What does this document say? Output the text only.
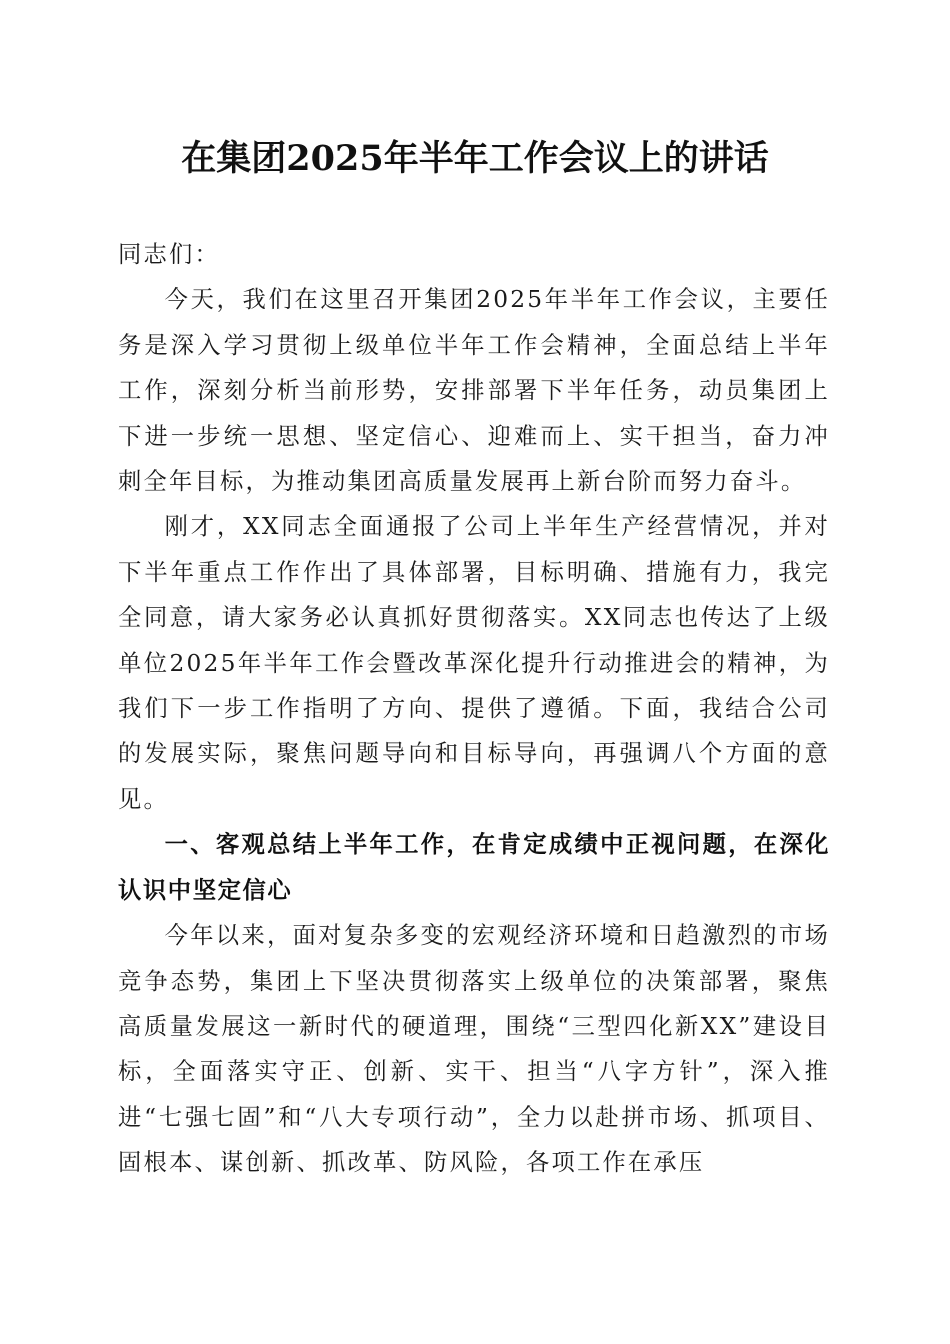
在集团2025年半年工作会议上的讲话

同志们：

今天，我们在这里召开集团2025年半年工作会议，主要任务是深入学习贯彻上级单位半年工作会精神，全面总结上半年工作，深刻分析当前形势，安排部署下半年任务，动员集团上下进一步统一思想、坚定信心、迎难而上、实干担当，奋力冲刺全年目标，为推动集团高质量发展再上新台阶而努力奋斗。

刚才，XX同志全面通报了公司上半年生产经营情况，并对下半年重点工作作出了具体部署，目标明确、措施有力，我完全同意，请大家务必认真抓好贯彻落实。XX同志也传达了上级单位2025年半年工作会暨改革深化提升行动推进会的精神，为我们下一步工作指明了方向、提供了遵循。下面，我结合公司的发展实际，聚焦问题导向和目标导向，再强调八个方面的意见。

一、客观总结上半年工作，在肯定成绩中正视问题，在深化认识中坚定信心

今年以来，面对复杂多变的宏观经济环境和日趋激烈的市场竞争态势，集团上下坚决贯彻落实上级单位的决策部署，聚焦高质量发展这一新时代的硬道理，围绕“三型四化新XX”建设目标，全面落实守正、创新、实干、担当“八字方针”，深入推进“七强七固”和“八大专项行动”，全力以赴拼市场、抓项目、固根本、谋创新、抓改革、防风险，各项工作在承压
